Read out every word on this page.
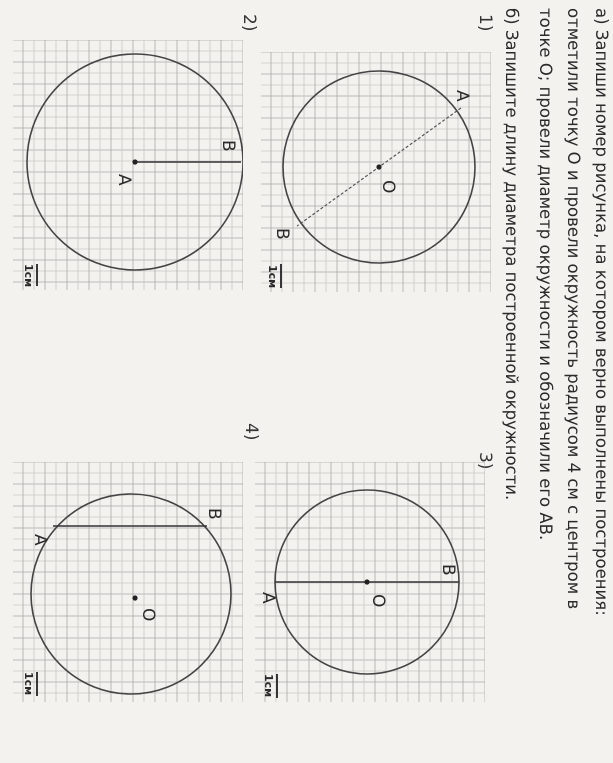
а) Запиши номер рисунка, на котором верно выполнены построения:
отметили точку О и провели окружность радиусом 4 см с центром в
точке О; провели диаметр окружности и обозначили его АВ.
б) Запишите длину диаметра построенной окружности.
1)
O
A
B
1см
2)
A
B
1см
3)
O
B
A
1см
4)
O
B
A
1см
